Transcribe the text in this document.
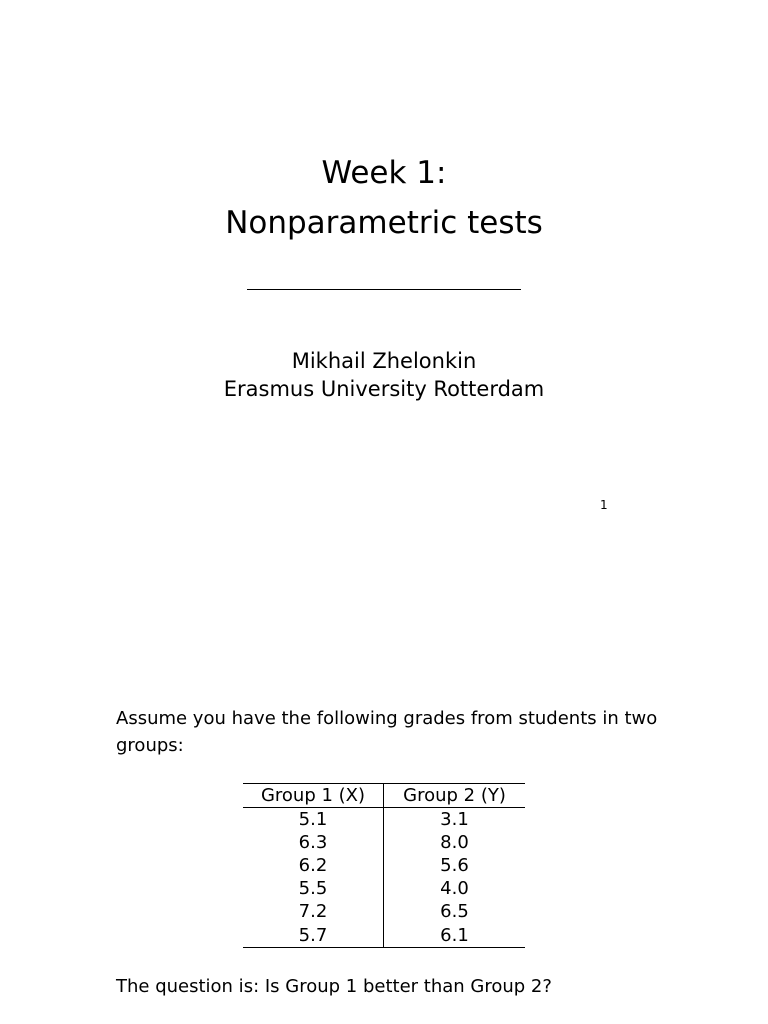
Week 1:
Nonparametric tests
Mikhail Zhelonkin
Erasmus University Rotterdam
1
Assume you have the following grades from students in two groups:
Group 1 (X)	Group 2 (Y)
5.1	3.1
6.3	8.0
6.2	5.6
5.5	4.0
7.2	6.5
5.7	6.1
The question is: Is Group 1 better than Group 2?
